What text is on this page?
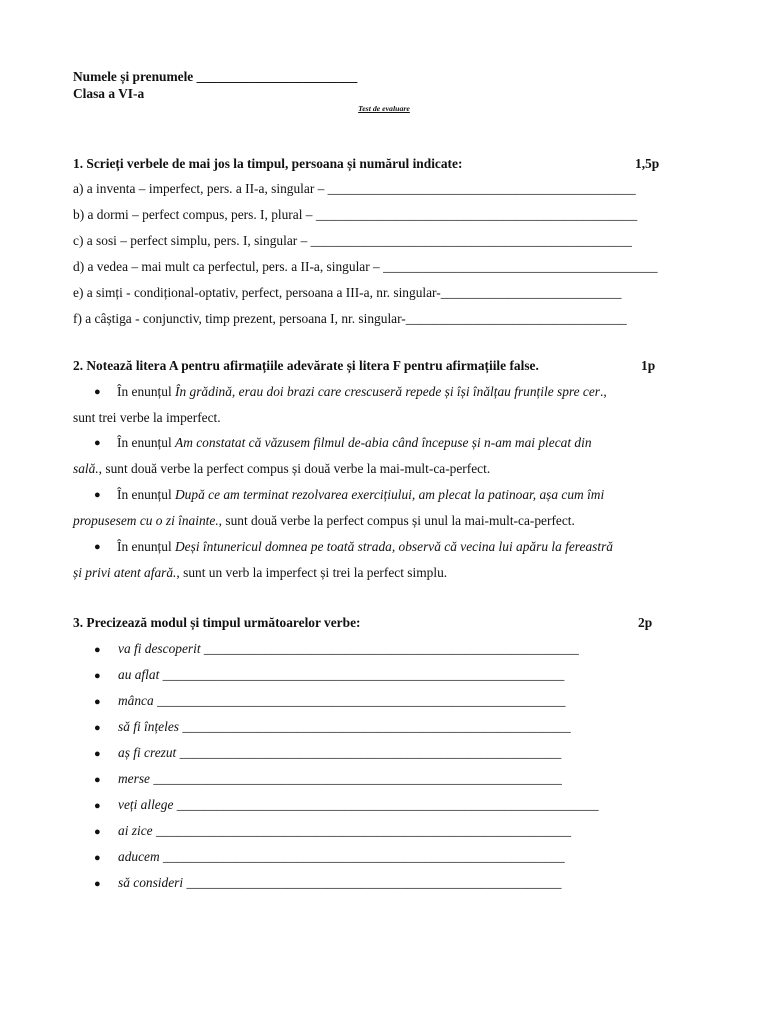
Numele și prenumele ________________________
Clasa a VI-a
Test de evaluare
1. Scrieți verbele de mai jos la timpul, persoana și numărul indicate:	1,5p
a) a inventa – imperfect, pers. a II-a, singular – ______________________________________________
b) a dormi – perfect compus, pers. I, plural – ________________________________________________
c) a sosi – perfect simplu, pers. I, singular – ________________________________________________
d) a vedea – mai mult ca perfectul, pers. a II-a, singular – _________________________________________
e) a simți - condițional-optativ, perfect, persoana a III-a, nr. singular-___________________________
f) a câștiga - conjunctiv, timp prezent, persoana I, nr. singular-_________________________________
2. Notează litera A pentru afirmațiile adevărate și litera F pentru afirmațiile false.	1p
● În enunțul În grădină, erau doi brazi care crescuseră repede și își înălțau frunțile spre cer.,
sunt trei verbe la imperfect.
● În enunțul Am constatat că văzusem filmul de-abia când începuse și n-am mai plecat din
sală., sunt două verbe la perfect compus și două verbe la mai-mult-ca-perfect.
● În enunțul După ce am terminat rezolvarea exercițiului, am plecat la patinoar, așa cum îmi
propusesem cu o zi înainte., sunt două verbe la perfect compus și unul la mai-mult-ca-perfect.
● În enunțul Deși întunericul domnea pe toată strada, observă că vecina lui apăru la fereastră
și privi atent afară., sunt un verb la imperfect și trei la perfect simplu.
3. Precizează modul și timpul următoarelor verbe:	2p
● va fi descoperit ________________________________________________________
● au aflat ____________________________________________________________
● mânca _____________________________________________________________
● să fi înțeles __________________________________________________________
● aș fi crezut _________________________________________________________
● merse _____________________________________________________________
● veți allege _______________________________________________________________
● ai zice ______________________________________________________________
● aducem ____________________________________________________________
● să consideri ________________________________________________________
